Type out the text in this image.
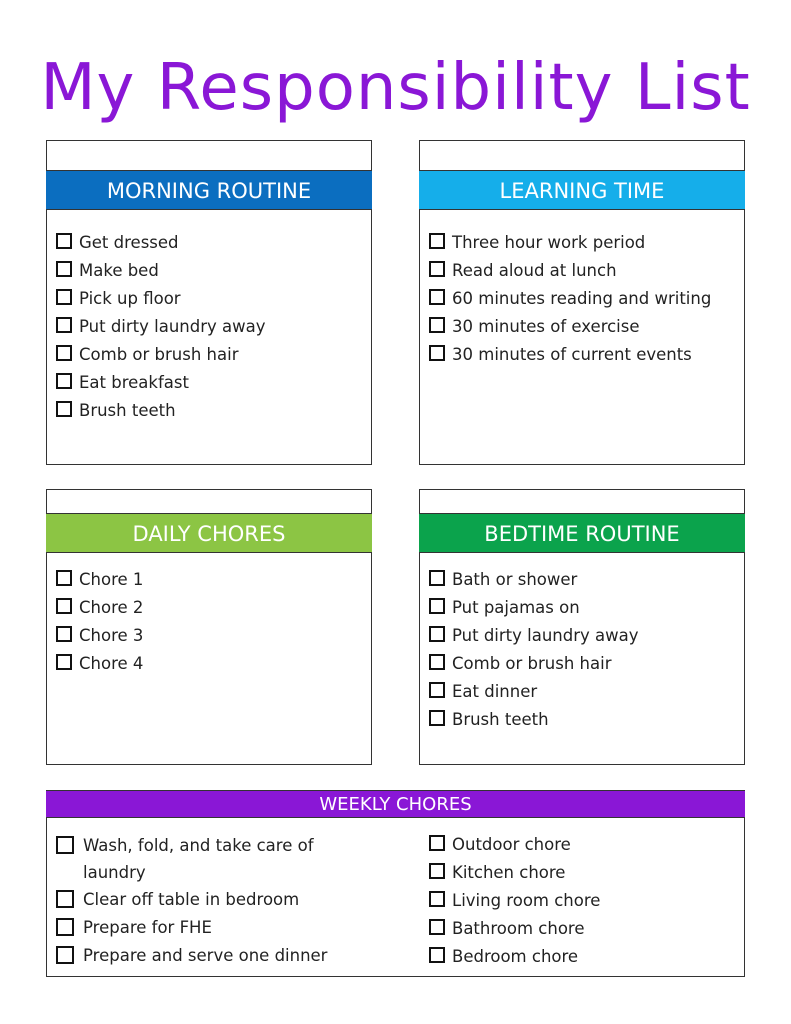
My Responsibility List
MORNING ROUTINE
Get dressed
Make bed
Pick up floor
Put dirty laundry away
Comb or brush hair
Eat breakfast
Brush teeth
LEARNING TIME
Three hour work period
Read aloud at lunch
60 minutes reading and writing
30 minutes of exercise
30 minutes of current events
DAILY CHORES
Chore 1
Chore 2
Chore 3
Chore 4
BEDTIME ROUTINE
Bath or shower
Put pajamas on
Put dirty laundry away
Comb or brush hair
Eat dinner
Brush teeth
WEEKLY CHORES
Wash, fold, and take care of laundry
Clear off table in bedroom
Prepare for FHE
Prepare and serve one dinner
Outdoor chore
Kitchen chore
Living room chore
Bathroom chore
Bedroom chore
